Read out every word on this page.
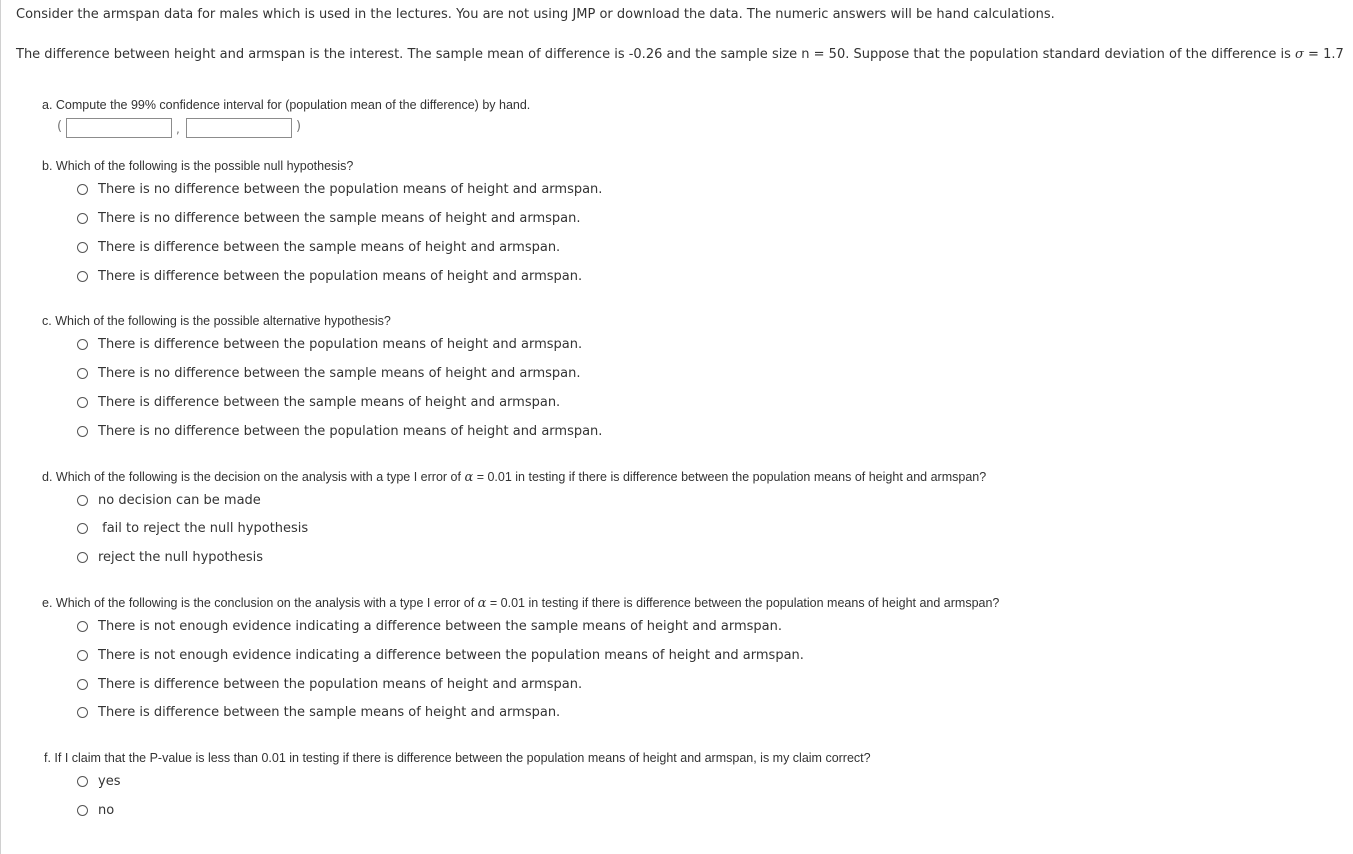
Consider the armspan data for males which is used in the lectures. You are not using JMP or download the data. The numeric answers will be hand calculations.
The difference between height and armspan is the interest. The sample mean of difference is -0.26 and the sample size n = 50. Suppose that the population standard deviation of the difference is σ = 1.7
a. Compute the 99% confidence interval for (population mean of the difference) by hand.
(	,	)
b. Which of the following is the possible null hypothesis?
There is no difference between the population means of height and armspan.
There is no difference between the sample means of height and armspan.
There is difference between the sample means of height and armspan.
There is difference between the population means of height and armspan.
c. Which of the following is the possible alternative hypothesis?
There is difference between the population means of height and armspan.
There is no difference between the sample means of height and armspan.
There is difference between the sample means of height and armspan.
There is no difference between the population means of height and armspan.
d. Which of the following is the decision on the analysis with a type I error of α = 0.01 in testing if there is difference between the population means of height and armspan?
no decision can be made
fail to reject the null hypothesis
reject the null hypothesis
e. Which of the following is the conclusion on the analysis with a type I error of α = 0.01 in testing if there is difference between the population means of height and armspan?
There is not enough evidence indicating a difference between the sample means of height and armspan.
There is not enough evidence indicating a difference between the population means of height and armspan.
There is difference between the population means of height and armspan.
There is difference between the sample means of height and armspan.
f. If I claim that the P-value is less than 0.01 in testing if there is difference between the population means of height and armspan, is my claim correct?
yes
no
